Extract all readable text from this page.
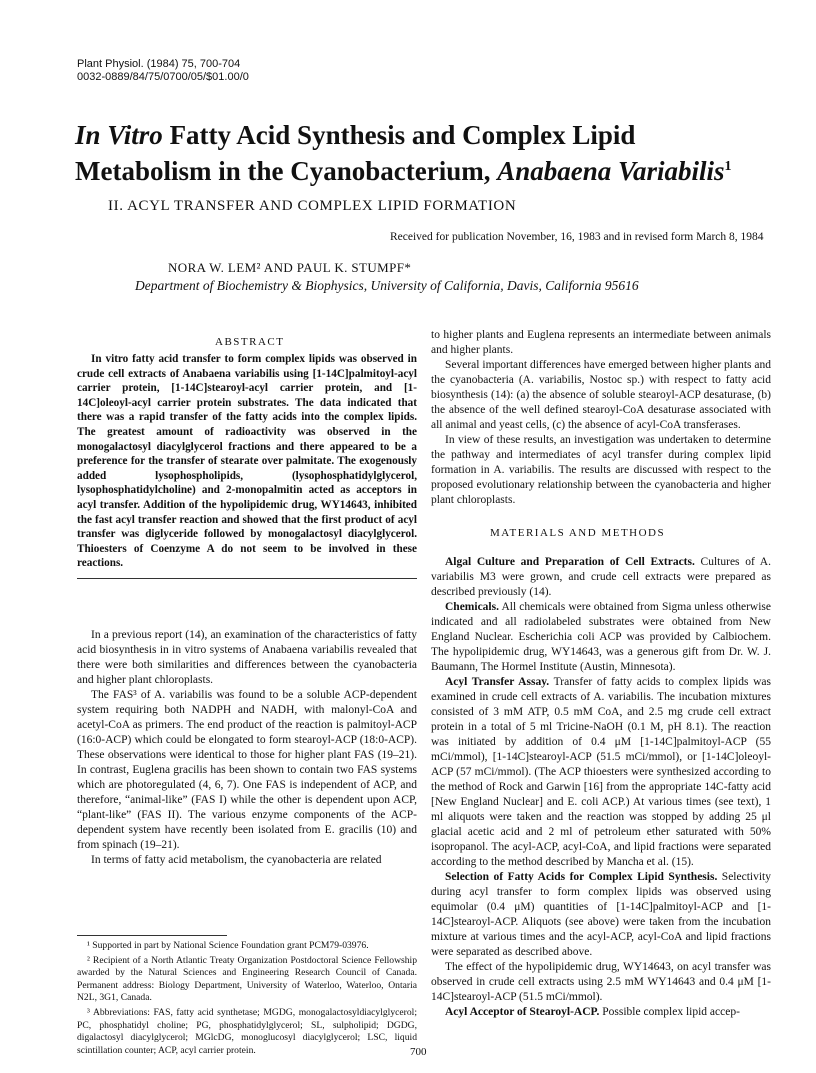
Plant Physiol. (1984) 75, 700-704
0032-0889/84/75/0700/05/$01.00/0
In Vitro Fatty Acid Synthesis and Complex Lipid Metabolism in the Cyanobacterium, Anabaena Variabilis$^1$
II. ACYL TRANSFER AND COMPLEX LIPID FORMATION
Received for publication November, 16, 1983 and in revised form March 8, 1984
NORA W. LEM² AND PAUL K. STUMPF*
Department of Biochemistry & Biophysics, University of California, Davis, California 95616
ABSTRACT
In vitro fatty acid transfer to form complex lipids was observed in crude cell extracts of Anabaena variabilis using [1-14C]palmitoyl-acyl carrier protein, [1-14C]stearoyl-acyl carrier protein, and [1-14C]oleoyl-acyl carrier protein substrates. The data indicated that there was a rapid transfer of the fatty acids into the complex lipids. The greatest amount of radioactivity was observed in the monogalactosyl diacylglycerol fractions and there appeared to be a preference for the transfer of stearate over palmitate. The exogenously added lysophospholipids, (lysophosphatidylglycerol, lysophosphatidylcholine) and 2-monopalmitin acted as acceptors in acyl transfer. Addition of the hypolipidemic drug, WY14643, inhibited the fast acyl transfer reaction and showed that the first product of acyl transfer was diglyceride followed by monogalactosyl diacylglycerol. Thioesters of Coenzyme A do not seem to be involved in these reactions.

In a previous report (14), an examination of the characteristics of fatty acid biosynthesis in in vitro systems of Anabaena variabilis revealed that there were both similarities and differences between the cyanobacteria and higher plant chloroplasts.

The FAS³ of A. variabilis was found to be a soluble ACP-dependent system requiring both NADPH and NADH, with malonyl-CoA and acetyl-CoA as primers. The end product of the reaction is palmitoyl-ACP (16:0-ACP) which could be elongated to form stearoyl-ACP (18:0-ACP). These observations were identical to those for higher plant FAS (19–21). In contrast, Euglena gracilis has been shown to contain two FAS systems which are photoregulated (4, 6, 7). One FAS is independent of ACP, and therefore, “animal-like” (FAS I) while the other is dependent upon ACP, “plant-like” (FAS II). The various enzyme components of the ACP-dependent system have recently been isolated from E. gracilis (10) and from spinach (19–21).

In terms of fatty acid metabolism, the cyanobacteria are related

¹ Supported in part by National Science Foundation grant PCM79-03976.

² Recipient of a North Atlantic Treaty Organization Postdoctoral Science Fellowship awarded by the Natural Sciences and Engineering Research Council of Canada. Permanent address: Biology Department, University of Waterloo, Waterloo, Ontaria N2L, 3G1, Canada.

³ Abbreviations: FAS, fatty acid synthetase; MGDG, monogalactosyldiacylglycerol; PC, phosphatidyl choline; PG, phosphatidylglycerol; SL, sulpholipid; DGDG, digalactosyl diacylglycerol; MGlcDG, monoglucosyl diacylglycerol; LSC, liquid scintillation counter; ACP, acyl carrier protein.

to higher plants and Euglena represents an intermediate between animals and higher plants.

Several important differences have emerged between higher plants and the cyanobacteria (A. variabilis, Nostoc sp.) with respect to fatty acid biosynthesis (14): (a) the absence of soluble stearoyl-ACP desaturase, (b) the absence of the well defined stearoyl-CoA desaturase associated with all animal and yeast cells, (c) the absence of acyl-CoA transferases.

In view of these results, an investigation was undertaken to determine the pathway and intermediates of acyl transfer during complex lipid formation in A. variabilis. The results are discussed with respect to the proposed evolutionary relationship between the cyanobacteria and higher plant chloroplasts.

MATERIALS AND METHODS

Algal Culture and Preparation of Cell Extracts. Cultures of A. variabilis M3 were grown, and crude cell extracts were prepared as described previously (14).

Chemicals. All chemicals were obtained from Sigma unless otherwise indicated and all radiolabeled substrates were obtained from New England Nuclear. Escherichia coli ACP was provided by Calbiochem. The hypolipidemic drug, WY14643, was a generous gift from Dr. W. J. Baumann, The Hormel Institute (Austin, Minnesota).

Acyl Transfer Assay. Transfer of fatty acids to complex lipids was examined in crude cell extracts of A. variabilis. The incubation mixtures consisted of 3 mM ATP, 0.5 mM CoA, and 2.5 mg crude cell extract protein in a total of 5 ml Tricine-NaOH (0.1 M, pH 8.1). The reaction was initiated by addition of 0.4 μM [1-14C]palmitoyl-ACP (55 mCi/mmol), [1-14C]stearoyl-ACP (51.5 mCi/mmol), or [1-14C]oleoyl-ACP (57 mCi/mmol). (The ACP thioesters were synthesized according to the method of Rock and Garwin [16] from the appropriate 14C-fatty acid [New England Nuclear] and E. coli ACP.) At various times (see text), 1 ml aliquots were taken and the reaction was stopped by adding 25 μl glacial acetic acid and 2 ml of petroleum ether saturated with 50% isopropanol. The acyl-ACP, acyl-CoA, and lipid fractions were separated according to the method described by Mancha et al. (15).

Selection of Fatty Acids for Complex Lipid Synthesis. Selectivity during acyl transfer to form complex lipids was observed using equimolar (0.4 μM) quantities of [1-14C]palmitoyl-ACP and [1-14C]stearoyl-ACP. Aliquots (see above) were taken from the incubation mixture at various times and the acyl-ACP, acyl-CoA and lipid fractions were separated as described above.

The effect of the hypolipidemic drug, WY14643, on acyl transfer was observed in crude cell extracts using 2.5 mM WY14643 and 0.4 μM [1-14C]stearoyl-ACP (51.5 mCi/mmol).

Acyl Acceptor of Stearoyl-ACP. Possible complex lipid accep-

700
